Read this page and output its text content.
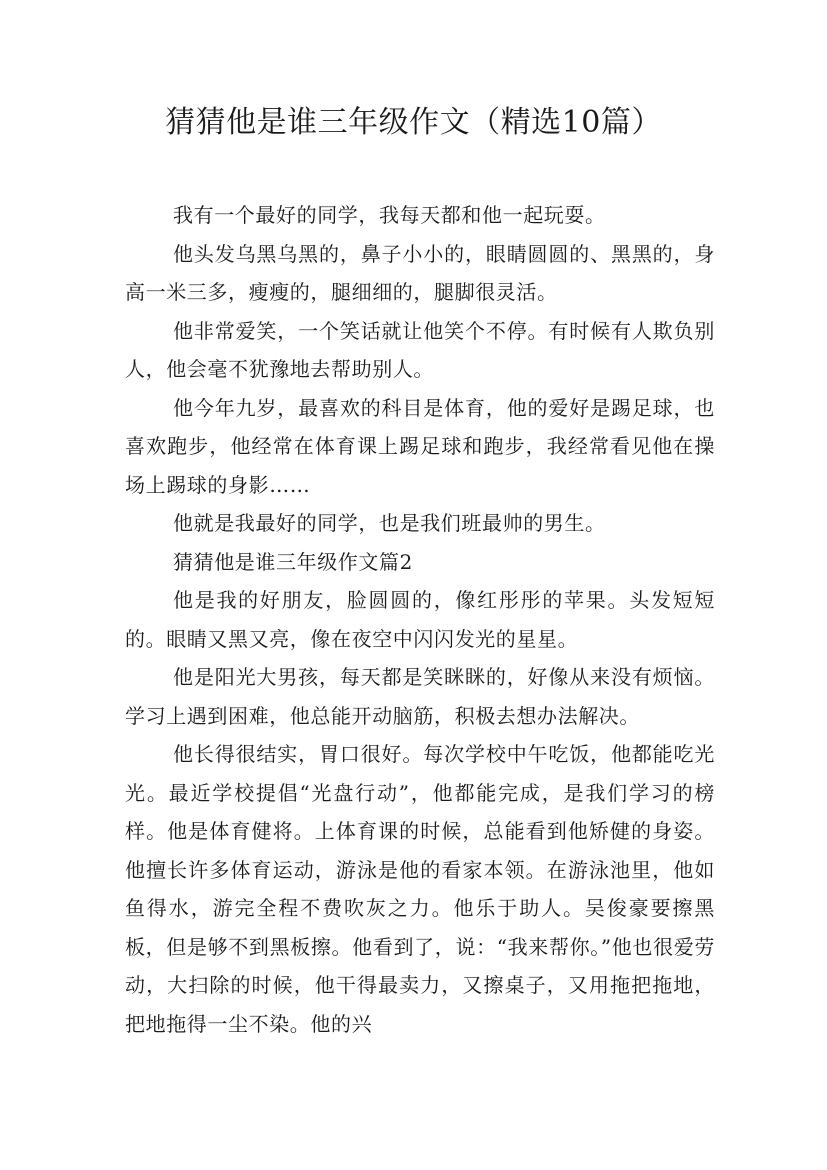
猜猜他是谁三年级作文（精选10篇）

我有一个最好的同学，我每天都和他一起玩耍。

他头发乌黑乌黑的，鼻子小小的，眼睛圆圆的、黑黑的，身高一米三多，瘦瘦的，腿细细的，腿脚很灵活。

他非常爱笑，一个笑话就让他笑个不停。有时候有人欺负别人，他会毫不犹豫地去帮助别人。

他今年九岁，最喜欢的科目是体育，他的爱好是踢足球，也喜欢跑步，他经常在体育课上踢足球和跑步，我经常看见他在操场上踢球的身影……

他就是我最好的同学，也是我们班最帅的男生。

猜猜他是谁三年级作文篇2

他是我的好朋友，脸圆圆的，像红彤彤的苹果。头发短短的。眼睛又黑又亮，像在夜空中闪闪发光的星星。

他是阳光大男孩，每天都是笑眯眯的，好像从来没有烦恼。学习上遇到困难，他总能开动脑筋，积极去想办法解决。

他长得很结实，胃口很好。每次学校中午吃饭，他都能吃光光。最近学校提倡“光盘行动”，他都能完成，是我们学习的榜样。他是体育健将。上体育课的时候，总能看到他矫健的身姿。他擅长许多体育运动，游泳是他的看家本领。在游泳池里，他如鱼得水，游完全程不费吹灰之力。他乐于助人。吴俊豪要擦黑板，但是够不到黑板擦。他看到了，说：“我来帮你。”他也很爱劳动，大扫除的时候，他干得最卖力，又擦桌子，又用拖把拖地，把地拖得一尘不染。他的兴
